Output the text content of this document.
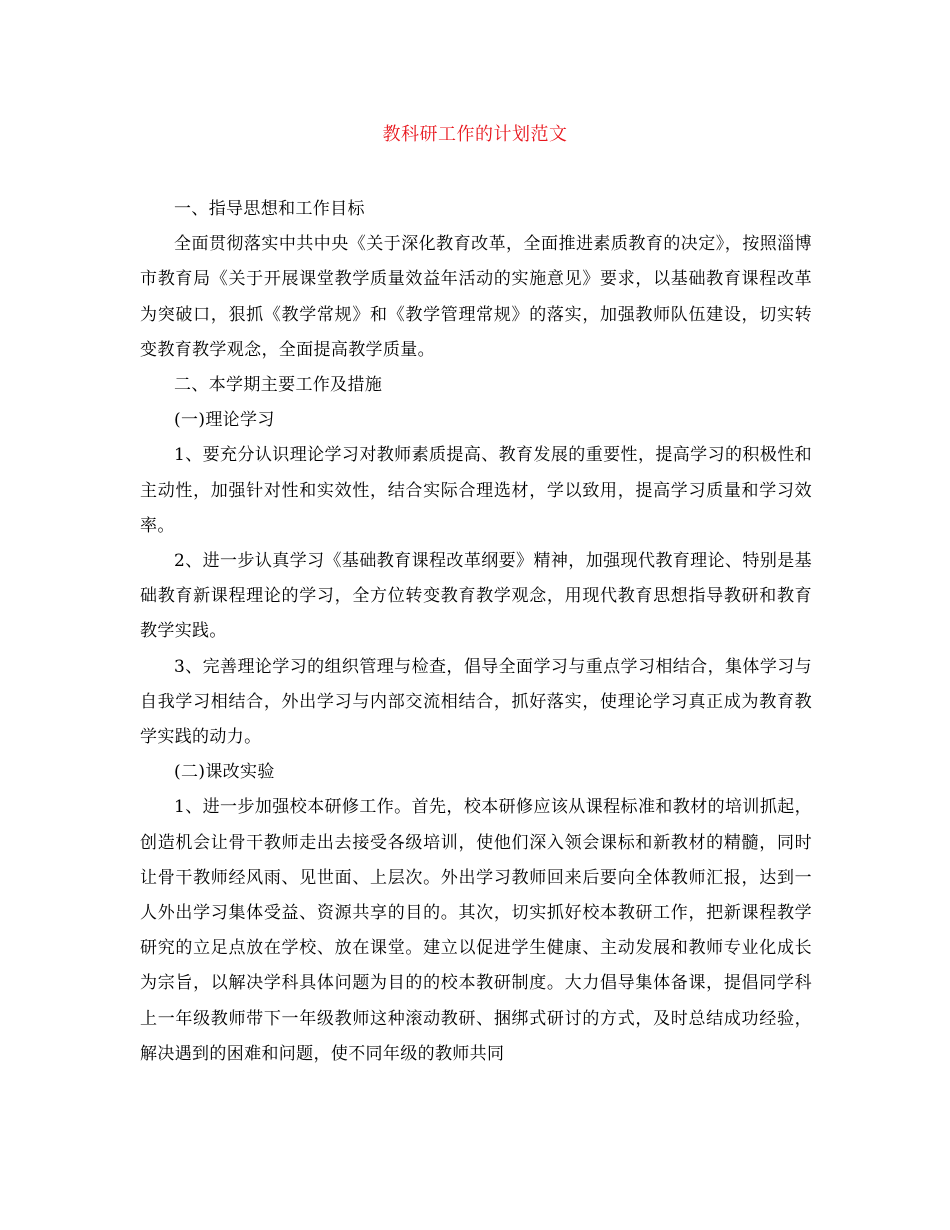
教科研工作的计划范文

一、指导思想和工作目标

全面贯彻落实中共中央《关于深化教育改革，全面推进素质教育的决定》，按照淄博市教育局《关于开展课堂教学质量效益年活动的实施意见》要求，以基础教育课程改革为突破口，狠抓《教学常规》和《教学管理常规》的落实，加强教师队伍建设，切实转变教育教学观念，全面提高教学质量。

二、本学期主要工作及措施

(一)理论学习

1、要充分认识理论学习对教师素质提高、教育发展的重要性，提高学习的积极性和主动性，加强针对性和实效性，结合实际合理选材，学以致用，提高学习质量和学习效率。

2、进一步认真学习《基础教育课程改革纲要》精神，加强现代教育理论、特别是基础教育新课程理论的学习，全方位转变教育教学观念，用现代教育思想指导教研和教育教学实践。

3、完善理论学习的组织管理与检查，倡导全面学习与重点学习相结合，集体学习与自我学习相结合，外出学习与内部交流相结合，抓好落实，使理论学习真正成为教育教学实践的动力。

(二)课改实验

1、进一步加强校本研修工作。首先，校本研修应该从课程标准和教材的培训抓起，创造机会让骨干教师走出去接受各级培训，使他们深入领会课标和新教材的精髓，同时让骨干教师经风雨、见世面、上层次。外出学习教师回来后要向全体教师汇报，达到一人外出学习集体受益、资源共享的目的。其次，切实抓好校本教研工作，把新课程教学研究的立足点放在学校、放在课堂。建立以促进学生健康、主动发展和教师专业化成长为宗旨，以解决学科具体问题为目的的校本教研制度。大力倡导集体备课，提倡同学科上一年级教师带下一年级教师这种滚动教研、捆绑式研讨的方式，及时总结成功经验，解决遇到的困难和问题，使不同年级的教师共同
